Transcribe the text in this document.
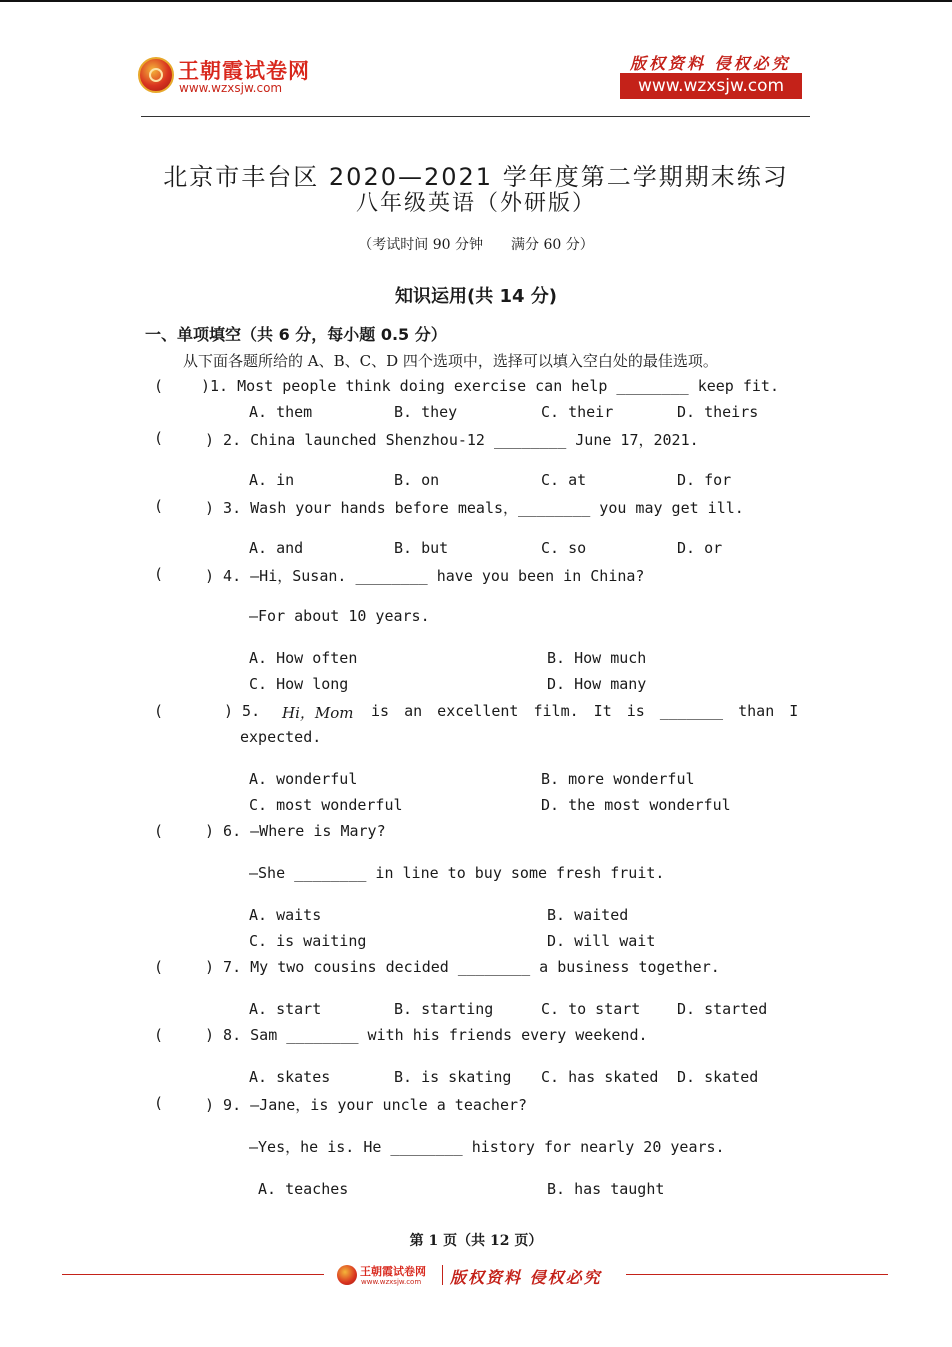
王朝霞试卷网
www.wzxsjw.com
版权资料 侵权必究
www.wzxsjw.com
北京市丰台区 2020—2021 学年度第二学期期末练习
八年级英语（外研版）
（考试时间 90 分钟　　满分 60 分）
知识运用(共 14 分)
一、单项填空（共 6 分，每小题 0.5 分）
从下面各题所给的 A、B、C、D 四个选项中，选择可以填入空白处的最佳选项。
(	)1. Most people think doing exercise can help ________ keep fit.
A. them	B. they	C. their	D. theirs
(	) 2. China launched Shenzhou-12 ________ June 17，2021.
A. in	B. on	C. at	D. for
(	) 3. Wash your hands before meals，________ you may get ill.
A. and	B. but	C. so	D. or
(	) 4. —Hi，Susan. ________ have you been in China?
—For about 10 years.
A. How often	B. How much
C. How long	D. How many
(	) 5. Hi，Mom is an excellent film. It is _______ than I
expected.
A. wonderful	B. more wonderful
C. most wonderful	D. the most wonderful
(	) 6. —Where is Mary?
—She ________ in line to buy some fresh fruit.
A. waits	B. waited
C. is waiting	D. will wait
(	) 7. My two cousins decided ________ a business together.
A. start	B. starting	C. to start D. started
(	) 8. Sam ________ with his friends every weekend.
A. skates	B. is skating C. has skated D. skated
(	) 9. —Jane，is your uncle a teacher?
—Yes，he is. He ________ history for nearly 20 years.
A. teaches	B. has taught
第 1 页（共 12 页）
王朝霞试卷网
www.wzxsjw.com 版权资料 侵权必究
